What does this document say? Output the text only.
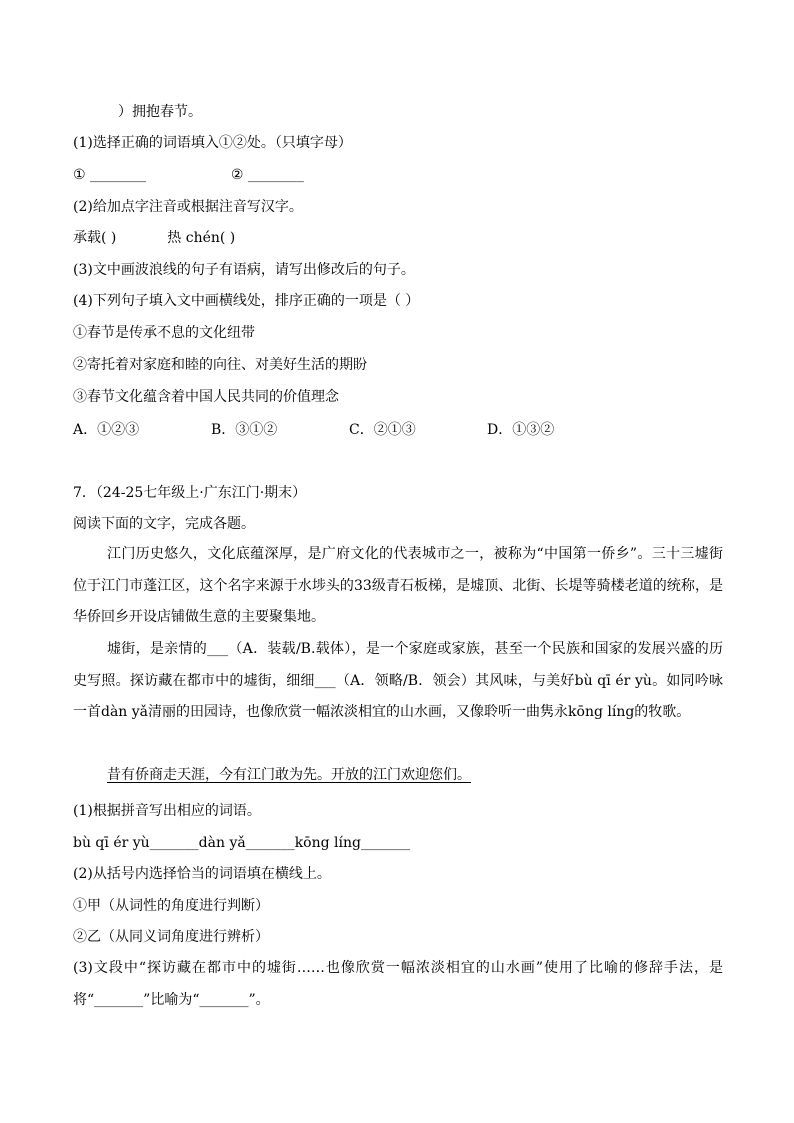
）拥抱春节。
(1)选择正确的词语填入①②处。（只填字母）
① ________	② ________
(2)给加点字注音或根据注音写汉字。
承载( )	热 chén( )
(3)文中画波浪线的句子有语病，请写出修改后的句子。
(4)下列句子填入文中画横线处，排序正确的一项是（ ）
①春节是传承不息的文化纽带
②寄托着对家庭和睦的向往、对美好生活的期盼
③春节文化蕴含着中国人民共同的价值理念
A．①②③	B．③①②	C．②①③	D．①③②
7．（24-25七年级上·广东江门·期末）
阅读下面的文字，完成各题。
江门历史悠久，文化底蕴深厚，是广府文化的代表城市之一，被称为“中国第一侨乡”。三十三墟街位于江门市蓬江区，这个名字来源于水埗头的33级青石板梯，是墟顶、北街、长堤等骑楼老道的统称，是华侨回乡开设店铺做生意的主要聚集地。
墟街，是亲情的___（A．装载/B.载体），是一个家庭或家族，甚至一个民族和国家的发展兴盛的历史写照。探访藏在都市中的墟街，细细___（A．领略/B．领会）其风味，与美好bù qī ér yù。如同吟咏一首dàn yǎ清丽的田园诗，也像欣赏一幅浓淡相宜的山水画，又像聆听一曲隽永kōng líng的牧歌。
昔有侨商走天涯，今有江门敢为先。开放的江门欢迎您们。
(1)根据拼音写出相应的词语。
bù qī ér yù_______dàn yǎ_______kōng líng_______
(2)从括号内选择恰当的词语填在横线上。
①甲（从词性的角度进行判断）
②乙（从同义词角度进行辨析）
(3)文段中“探访藏在都市中的墟街……也像欣赏一幅浓淡相宜的山水画”使用了比喻的修辞手法，是将“_______”比喻为“_______”。
